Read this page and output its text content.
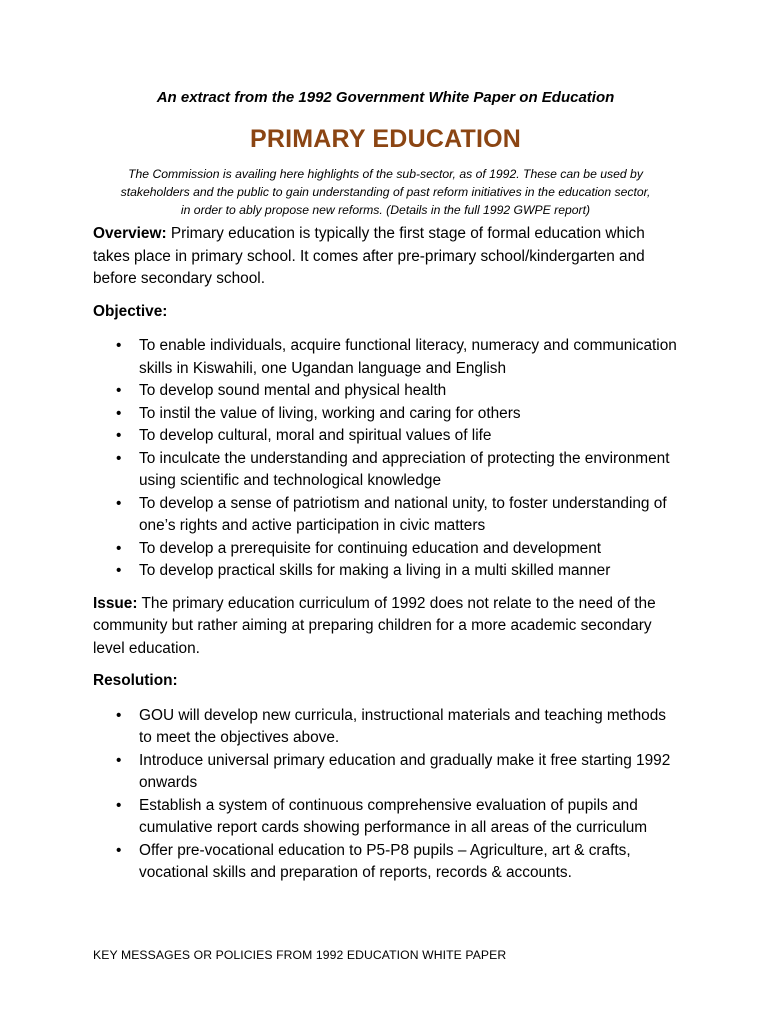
An extract from the 1992 Government White Paper on Education

PRIMARY EDUCATION
The Commission is availing here highlights of the sub-sector, as of 1992. These can be used by
stakeholders and the public to gain understanding of past reform initiatives in the education sector,
in order to ably propose new reforms. (Details in the full 1992 GWPE report)

Overview: Primary education is typically the first stage of formal education which takes place in primary school. It comes after pre-primary school/kindergarten and before secondary school.

Objective:

• To enable individuals, acquire functional literacy, numeracy and communication skills in Kiswahili, one Ugandan language and English
• To develop sound mental and physical health
• To instil the value of living, working and caring for others
• To develop cultural, moral and spiritual values of life
• To inculcate the understanding and appreciation of protecting the environment using scientific and technological knowledge
• To develop a sense of patriotism and national unity, to foster understanding of one’s rights and active participation in civic matters
• To develop a prerequisite for continuing education and development
• To develop practical skills for making a living in a multi skilled manner

Issue: The primary education curriculum of 1992 does not relate to the need of the community but rather aiming at preparing children for a more academic secondary level education.

Resolution:

• GOU will develop new curricula, instructional materials and teaching methods to meet the objectives above.
• Introduce universal primary education and gradually make it free starting 1992 onwards
• Establish a system of continuous comprehensive evaluation of pupils and cumulative report cards showing performance in all areas of the curriculum
• Offer pre-vocational education to P5-P8 pupils – Agriculture, art & crafts, vocational skills and preparation of reports, records & accounts.
KEY MESSAGES OR POLICIES FROM 1992 EDUCATION WHITE PAPER
